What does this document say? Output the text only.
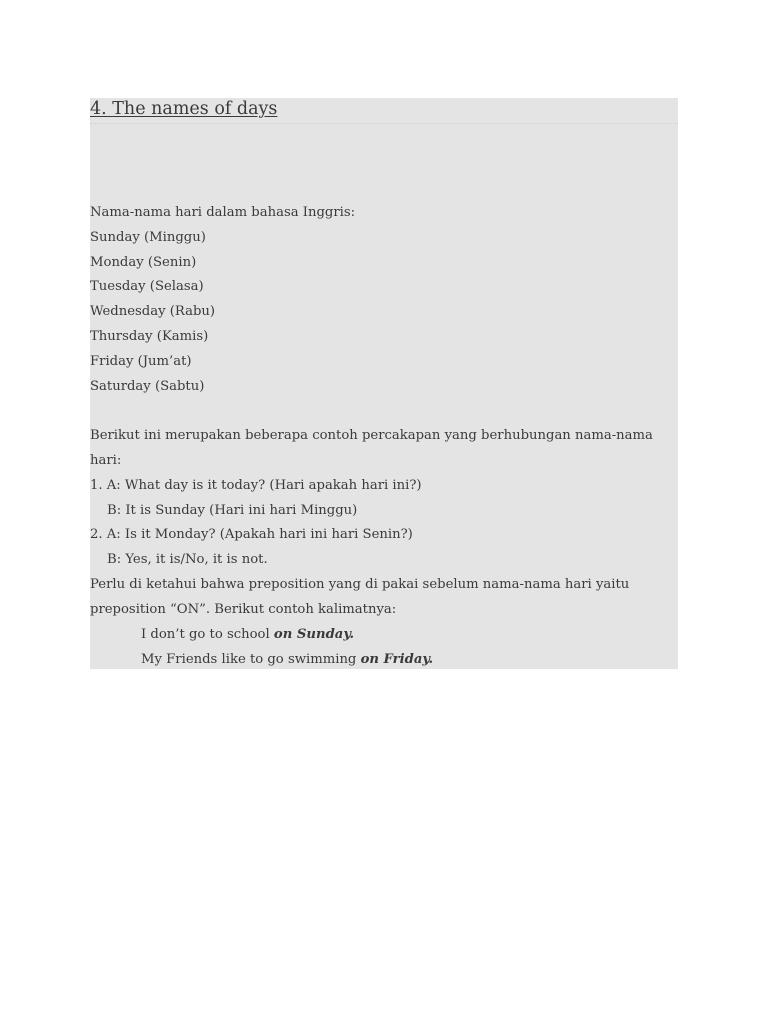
4. The names of days
Nama-nama hari dalam bahasa Inggris:
Sunday (Minggu)
Monday (Senin)
Tuesday (Selasa)
Wednesday (Rabu)
Thursday (Kamis)
Friday (Jum’at)
Saturday (Sabtu)
Berikut ini merupakan beberapa contoh percakapan yang berhubungan nama-nama
hari:
1. A: What day is it today? (Hari apakah hari ini?)
B: It is Sunday (Hari ini hari Minggu)
2. A: Is it Monday? (Apakah hari ini hari Senin?)
B: Yes, it is/No, it is not.
Perlu di ketahui bahwa preposition yang di pakai sebelum nama-nama hari yaitu
preposition “ON”. Berikut contoh kalimatnya:
I don’t go to school on Sunday.
My Friends like to go swimming on Friday.
